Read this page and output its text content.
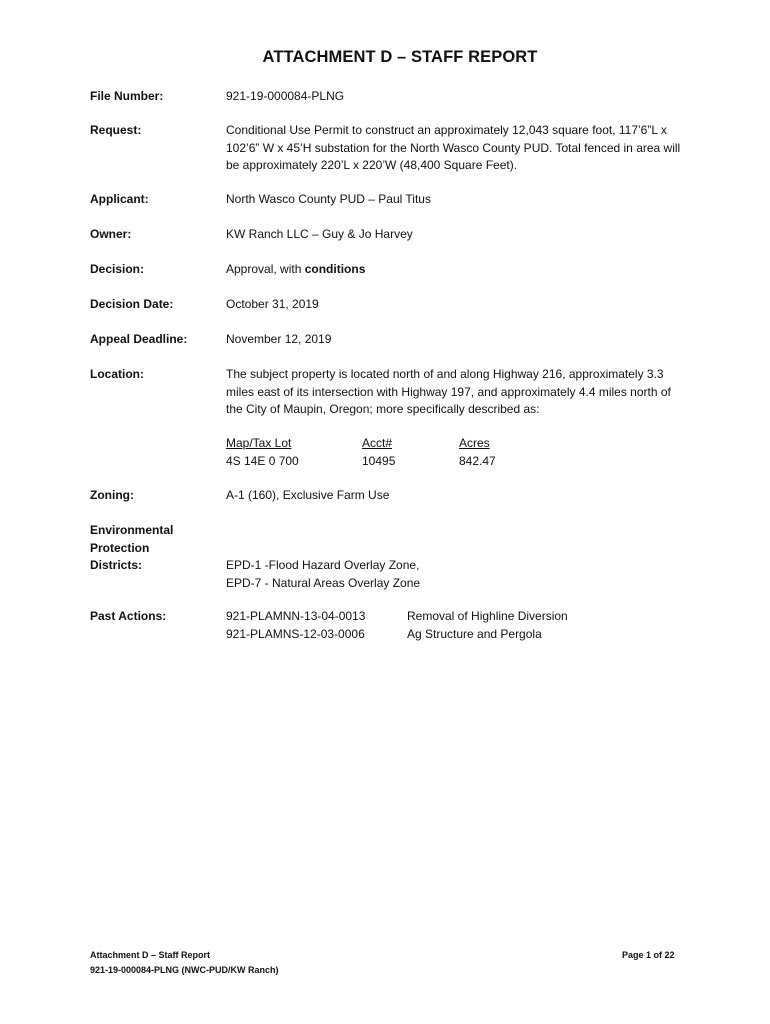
ATTACHMENT D – STAFF REPORT
File Number:	921-19-000084-PLNG
Request:	Conditional Use Permit to construct an approximately 12,043 square foot, 117’6”L x
102’6” W x 45’H substation for the North Wasco County PUD. Total fenced in area will
be approximately 220’L x 220’W (48,400 Square Feet).
Applicant:	North Wasco County PUD – Paul Titus
Owner:	KW Ranch LLC – Guy & Jo Harvey
Decision:	Approval, with conditions
Decision Date:	October 31, 2019
Appeal Deadline:	November 12, 2019
Location:	The subject property is located north of and along Highway 216, approximately 3.3
miles east of its intersection with Highway 197, and approximately 4.4 miles north of
the City of Maupin, Oregon; more specifically described as:
Map/Tax Lot	Acct#	Acres
4S 14E 0 700	10495	842.47
Zoning:	A-1 (160), Exclusive Farm Use
Environmental
Protection
Districts:	EPD-1 -Flood Hazard Overlay Zone,
EPD-7 - Natural Areas Overlay Zone
Past Actions:	921-PLAMNN-13-04-0013	Removal of Highline Diversion
921-PLAMNS-12-03-0006	Ag Structure and Pergola
Attachment D – Staff Report
921-19-000084-PLNG (NWC-PUD/KW Ranch)
Page 1 of 22
